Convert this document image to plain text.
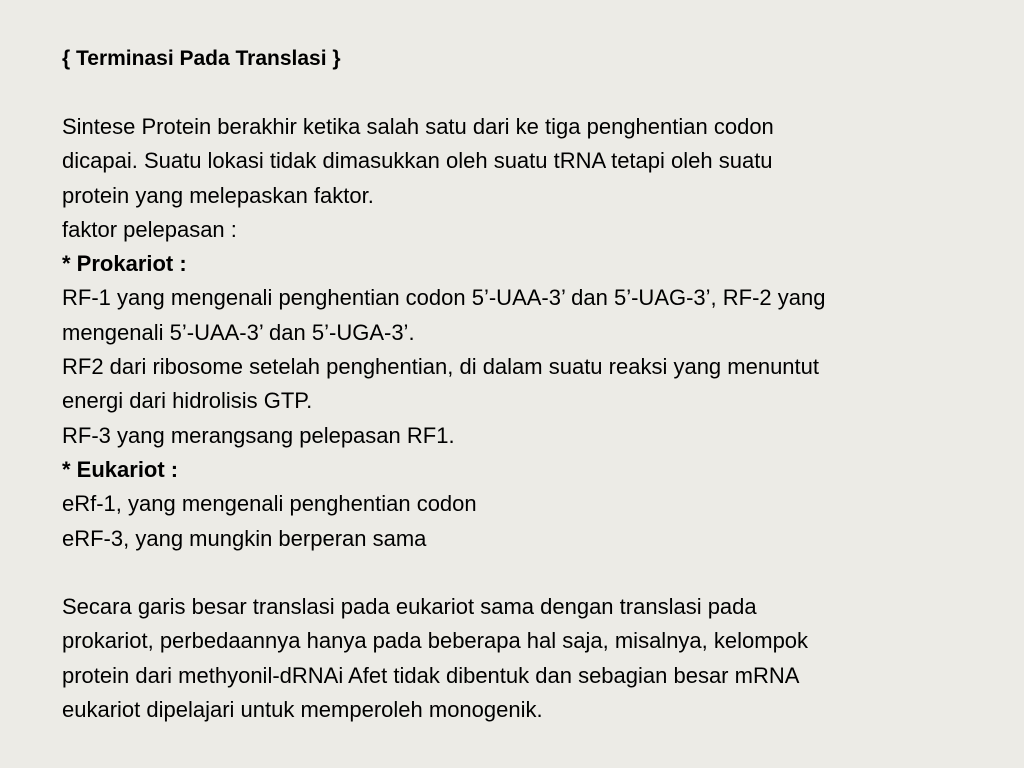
{ Terminasi Pada Translasi }
Sintese Protein berakhir ketika salah satu dari ke tiga penghentian codon
dicapai. Suatu lokasi tidak dimasukkan oleh suatu tRNA tetapi oleh suatu
protein yang melepaskan faktor.
faktor pelepasan :
* Prokariot :
RF-1 yang mengenali penghentian codon 5’-UAA-3’ dan 5’-UAG-3’, RF-2 yang
mengenali 5’-UAA-3’ dan 5’-UGA-3’.
RF2 dari ribosome setelah penghentian, di dalam suatu reaksi yang menuntut
energi dari hidrolisis GTP.
RF-3 yang merangsang pelepasan RF1.
* Eukariot :
eRf-1, yang mengenali penghentian codon
eRF-3, yang mungkin berperan sama
Secara garis besar translasi pada eukariot sama dengan translasi pada
prokariot, perbedaannya hanya pada beberapa hal saja, misalnya, kelompok
protein dari methyonil-dRNAi Afet tidak dibentuk dan sebagian besar mRNA
eukariot dipelajari untuk memperoleh monogenik.
